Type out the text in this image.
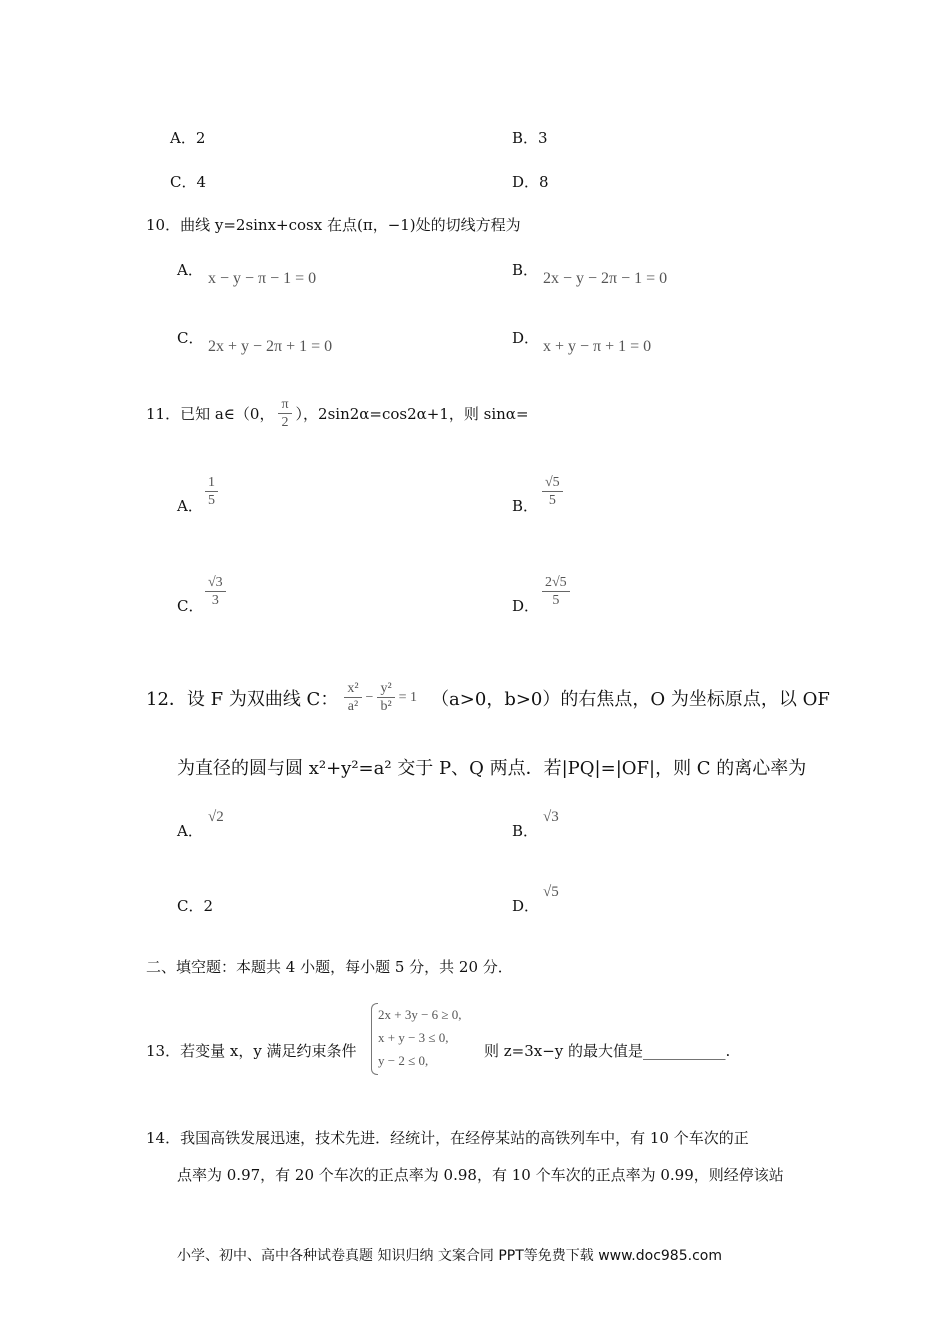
A．2	B．3
C．4	D．8
10．曲线 y=2sinx+cosx 在点(π，−1)处的切线方程为
A． x − y − π − 1 = 0	B． 2x − y − 2π − 1 = 0
C． 2x + y − 2π + 1 = 0	D． x + y − π + 1 = 0
11．已知 a∈（0， $\frac{\pi}{2}$ ），2sin2α=cos2α+1，则 sinα=
A． $\frac{1}{5}$	B． $\frac{√5}{5}$
C． $\frac{√3}{3}$	D． $\frac{2√5}{5}$
12．设 F 为双曲线 C： $\frac{\text{x²}}{\text{a²}} - \frac{\text{y²}}{\text{b²}} = 1$ （a>0，b>0）的右焦点，O 为坐标原点，以 OF
为直径的圆与圆 x²+y²=a² 交于 P、Q 两点．若|PQ|=|OF|，则 C 的离心率为
A．
√2
B．
√3
C．2	D．
√5
二、填空题：本题共 4 小题，每小题 5 分，共 20 分．
13．若变量 x，y 满足约束条件
2x + 3y − 6 ≥ 0,
x + y − 3 ≤ 0,
y − 2 ≤ 0,
则 z=3x−y 的最大值是___________.
14．我国高铁发展迅速，技术先进．经统计，在经停某站的高铁列车中，有 10 个车次的正
点率为 0.97，有 20 个车次的正点率为 0.98，有 10 个车次的正点率为 0.99，则经停该站
小学、初中、高中各种试卷真题 知识归纳 文案合同 PPT等免费下载 www.doc985.com
